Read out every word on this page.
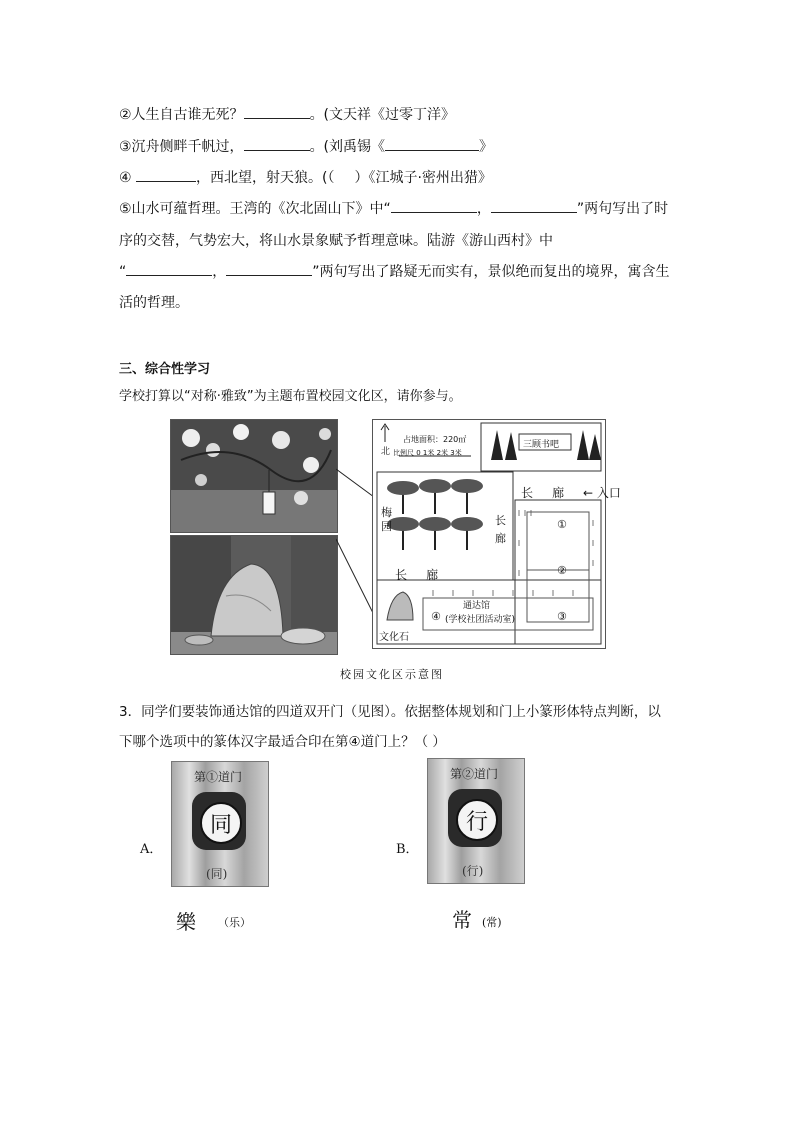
②人生自古谁无死？	。(文天祥《过零丁洋》
③沉舟侧畔千帆过，	。(刘禹锡《	》
④	，西北望，射天狼。(（ ）《江城子·密州出猎》
⑤山水可蕴哲理。王湾的《次北固山下》中“	，	”两句写出了时
序的交替，气势宏大，将山水景象赋予哲理意味。陆游《游山西村》中
“	，	”两句写出了路疑无而实有，景似绝而复出的境界，寓含生
活的哲理。
三、综合性学习
学校打算以“对称·雅致”为主题布置校园文化区，请你参与。
北
占地面积：220㎡
比例尺 0 1米 2米 3米
三顾书吧
长 廊 ← 入口
梅
园	长
廊
长 廊
①
②
③
④
通达馆
(学校社团活动室)
文化石
校园文化区示意图
3．同学们要装饰通达馆的四道双开门（见图）。依据整体规划和门上小篆形体特点判断，以
下哪个选项中的篆体汉字最适合印在第④道门上？（ ）
A．
第①道门
同
(同)
樂 （乐）
B．
第②道门
行
(行)
常 (常)
